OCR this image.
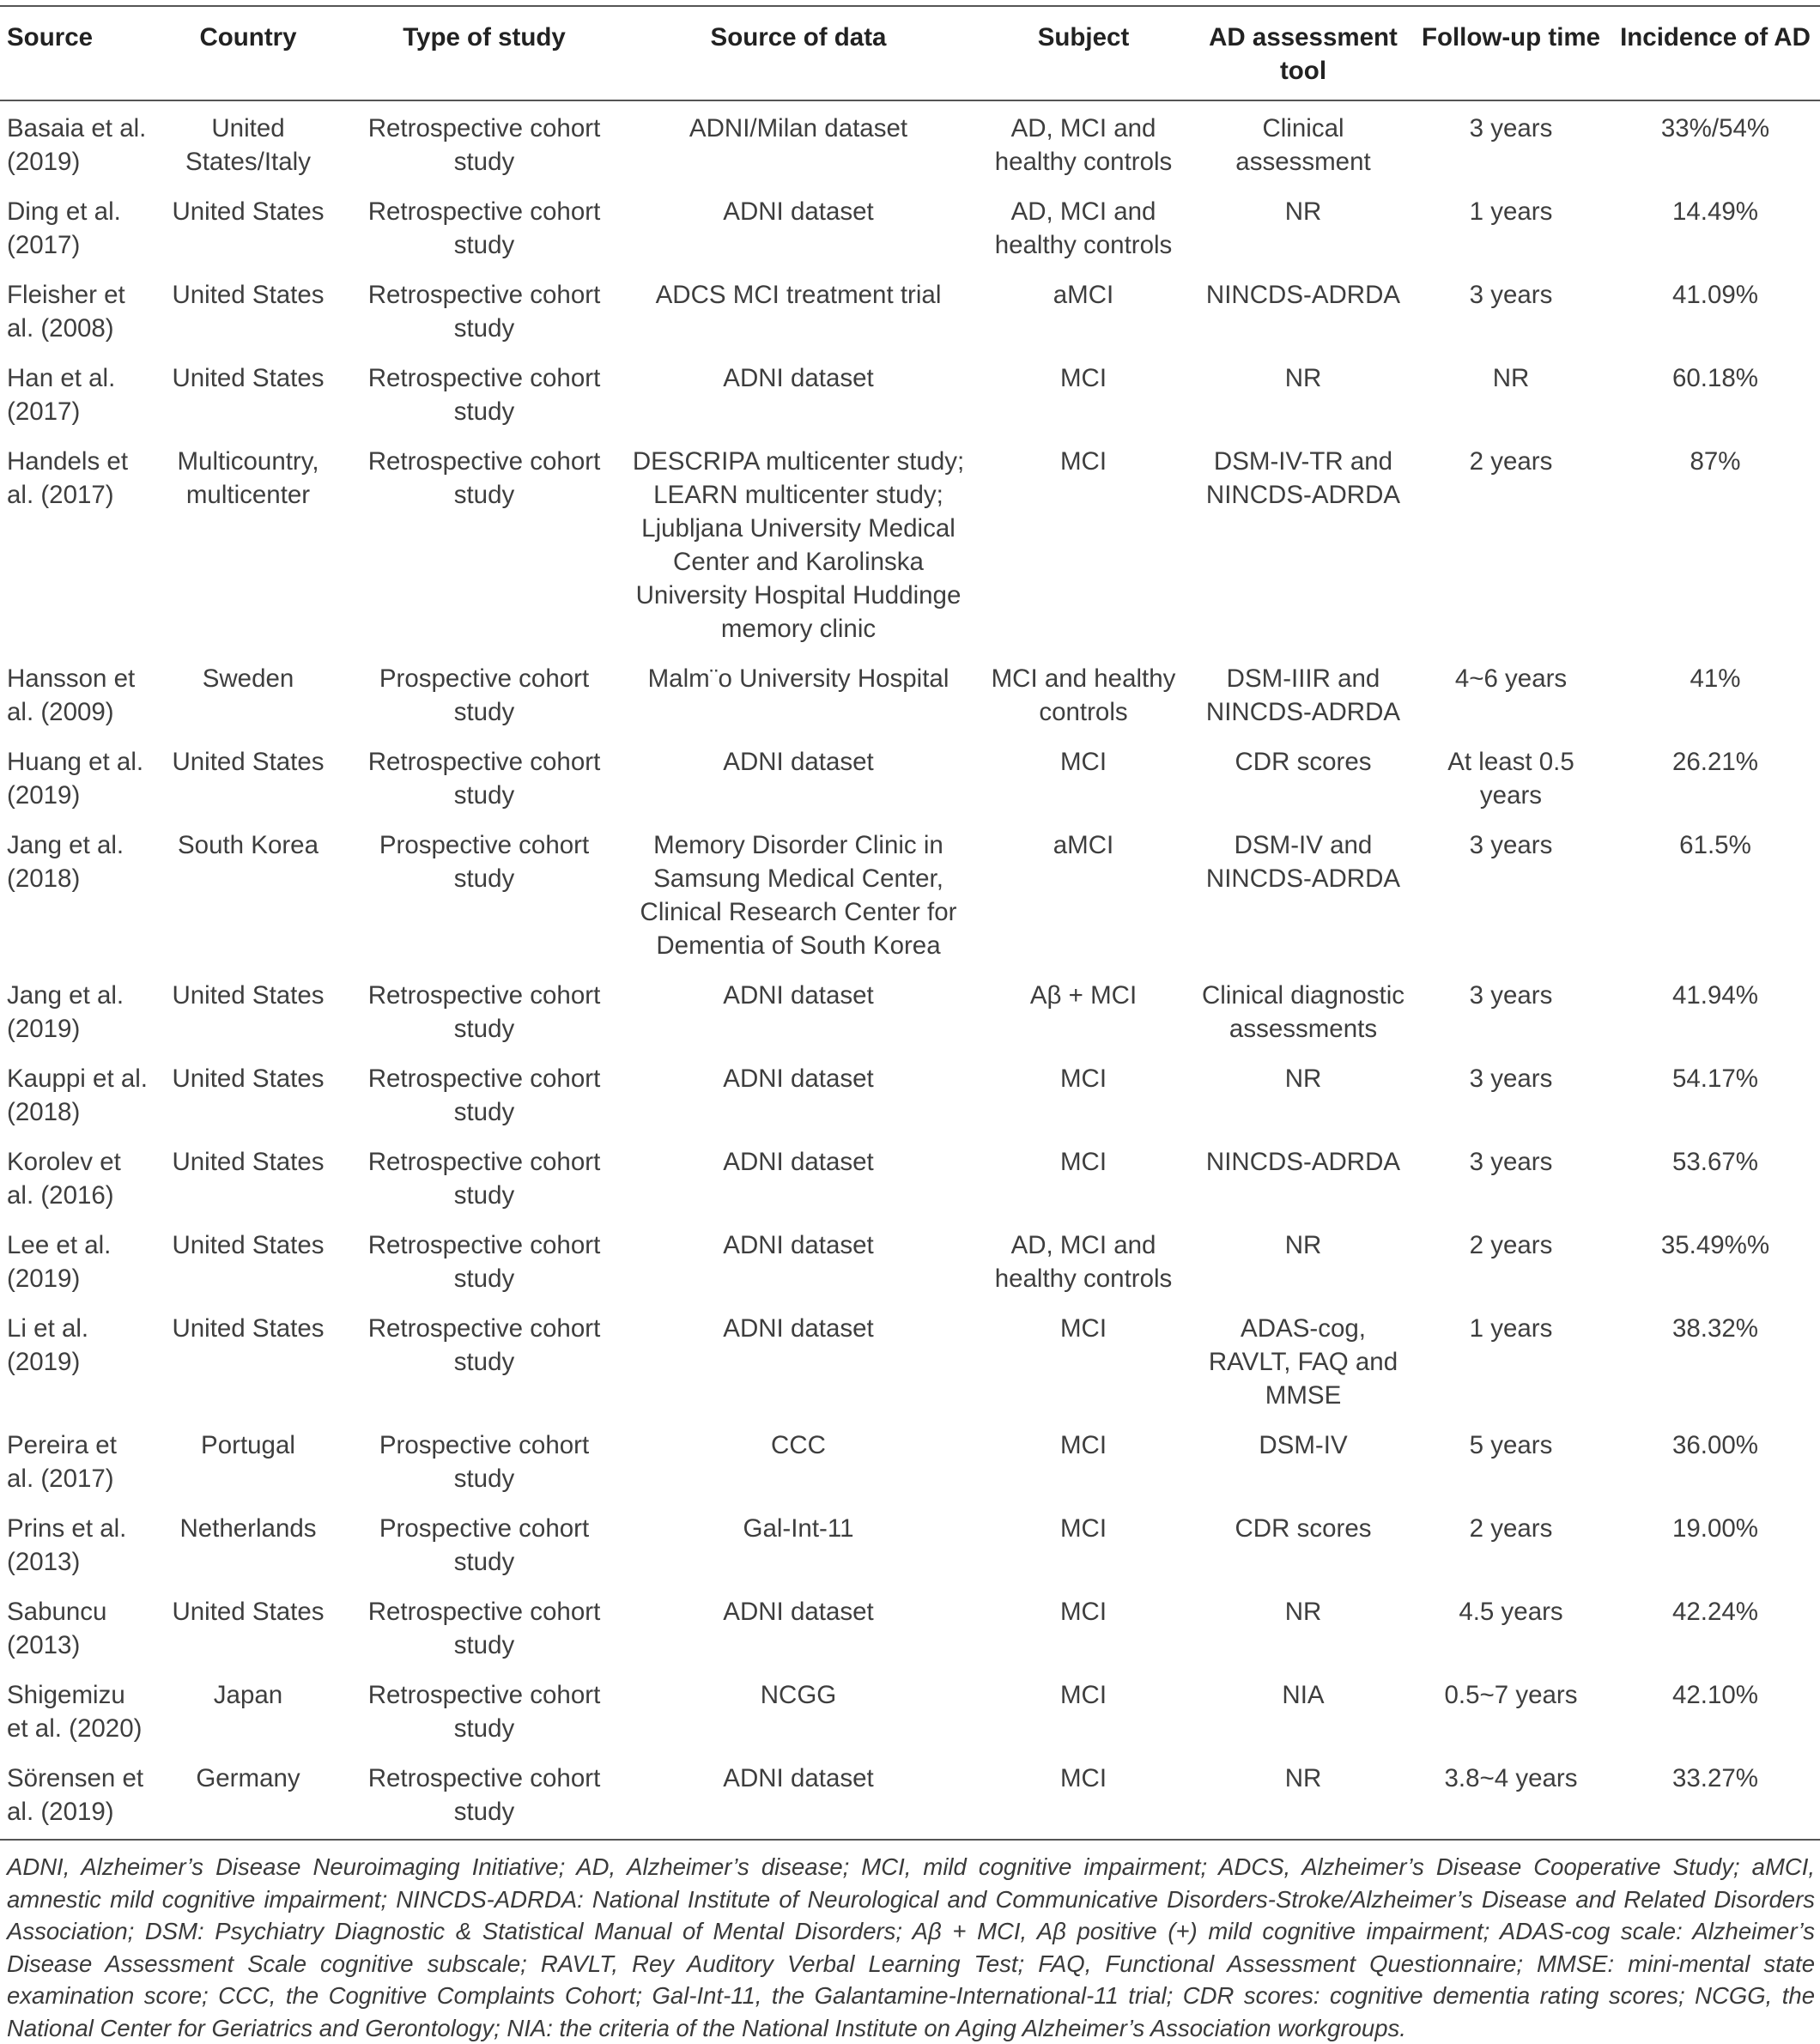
Source	Country	Type of study	Source of data	Subject	AD assessment tool	Follow-up time	Incidence of AD
Basaia et al. (2019)	United States/Italy	Retrospective cohort study	ADNI/Milan dataset	AD, MCI and healthy controls	Clinical assessment	3 years	33%/54%
Ding et al. (2017)	United States	Retrospective cohort study	ADNI dataset	AD, MCI and healthy controls	NR	1 years	14.49%
Fleisher et al. (2008)	United States	Retrospective cohort study	ADCS MCI treatment trial	aMCI	NINCDS-ADRDA	3 years	41.09%
Han et al. (2017)	United States	Retrospective cohort study	ADNI dataset	MCI	NR	NR	60.18%
Handels et al. (2017)	Multicountry, multicenter	Retrospective cohort study	DESCRIPA multicenter study; LEARN multicenter study; Ljubljana University Medical Center and Karolinska University Hospital Huddinge memory clinic	MCI	DSM-IV-TR and NINCDS-ADRDA	2 years	87%
Hansson et al. (2009)	Sweden	Prospective cohort study	Malm¨o University Hospital	MCI and healthy controls	DSM-IIIR and NINCDS-ADRDA	4~6 years	41%
Huang et al. (2019)	United States	Retrospective cohort study	ADNI dataset	MCI	CDR scores	At least 0.5 years	26.21%
Jang et al. (2018)	South Korea	Prospective cohort study	Memory Disorder Clinic in Samsung Medical Center, Clinical Research Center for Dementia of South Korea	aMCI	DSM-IV and NINCDS-ADRDA	3 years	61.5%
Jang et al. (2019)	United States	Retrospective cohort study	ADNI dataset	Aβ + MCI	Clinical diagnostic assessments	3 years	41.94%
Kauppi et al. (2018)	United States	Retrospective cohort study	ADNI dataset	MCI	NR	3 years	54.17%
Korolev et al. (2016)	United States	Retrospective cohort study	ADNI dataset	MCI	NINCDS-ADRDA	3 years	53.67%
Lee et al. (2019)	United States	Retrospective cohort study	ADNI dataset	AD, MCI and healthy controls	NR	2 years	35.49%%
Li et al. (2019)	United States	Retrospective cohort study	ADNI dataset	MCI	ADAS-cog, RAVLT, FAQ and MMSE	1 years	38.32%
Pereira et al. (2017)	Portugal	Prospective cohort study	CCC	MCI	DSM-IV	5 years	36.00%
Prins et al. (2013)	Netherlands	Prospective cohort study	Gal-Int-11	MCI	CDR scores	2 years	19.00%
Sabuncu (2013)	United States	Retrospective cohort study	ADNI dataset	MCI	NR	4.5 years	42.24%
Shigemizu et al. (2020)	Japan	Retrospective cohort study	NCGG	MCI	NIA	0.5~7 years	42.10%
Sörensen et al. (2019)	Germany	Retrospective cohort study	ADNI dataset	MCI	NR	3.8~4 years	33.27%
ADNI, Alzheimer’s Disease Neuroimaging Initiative; AD, Alzheimer’s disease; MCI, mild cognitive impairment; ADCS, Alzheimer’s Disease Cooperative Study; aMCI, amnestic mild cognitive impairment; NINCDS-ADRDA: National Institute of Neurological and Communicative Disorders-Stroke/Alzheimer’s Disease and Related Disorders Association; DSM: Psychiatry Diagnostic & Statistical Manual of Mental Disorders; Aβ + MCI, Aβ positive (+) mild cognitive impairment; ADAS-cog scale: Alzheimer’s Disease Assessment Scale cognitive subscale; RAVLT, Rey Auditory Verbal Learning Test; FAQ, Functional Assessment Questionnaire; MMSE: mini-mental state examination score; CCC, the Cognitive Complaints Cohort; Gal-Int-11, the Galantamine-International-11 trial; CDR scores: cognitive dementia rating scores; NCGG, the National Center for Geriatrics and Gerontology; NIA: the criteria of the National Institute on Aging Alzheimer’s Association workgroups.
